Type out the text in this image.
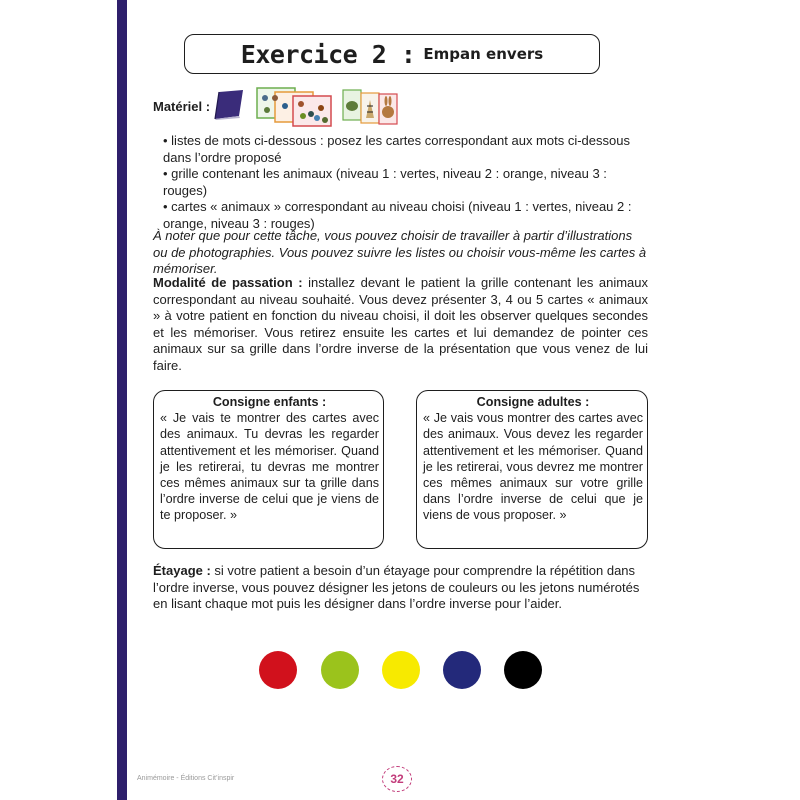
Exercice 2 : Empan envers
Matériel :

• listes de mots ci-dessous : posez les cartes correspondant aux mots ci-dessous dans l’ordre proposé

• grille contenant les animaux (niveau 1 : vertes, niveau 2 : orange, niveau 3 : rouges)

• cartes « animaux » correspondant au niveau choisi (niveau 1 : vertes, niveau 2 : orange, niveau 3 : rouges)

À noter que pour cette tâche, vous pouvez choisir de travailler à partir d’illustrations ou de photographies. Vous pouvez suivre les listes ou choisir vous-même les cartes à mémoriser.

Modalité de passation : installez devant le patient la grille contenant les animaux correspondant au niveau souhaité. Vous devez présenter 3, 4 ou 5 cartes « animaux » à votre patient en fonction du niveau choisi, il doit les observer quelques secondes et les mémoriser. Vous retirez ensuite les cartes et lui demandez de pointer ces animaux sur sa grille dans l’ordre inverse de la présentation que vous venez de lui faire.

Consigne enfants :
« Je vais te montrer des cartes avec des animaux. Tu devras les regarder attentivement et les mémoriser. Quand je les retirerai, tu devras me montrer ces mêmes animaux sur ta grille dans l’ordre inverse de celui que je viens de te proposer. »
Consigne adultes :
« Je vais vous montrer des cartes avec des animaux. Vous devez les regarder attentivement et les mémoriser. Quand je les retirerai, vous devrez me montrer ces mêmes animaux sur votre grille dans l’ordre inverse de celui que je viens de vous proposer. »

Étayage : si votre patient a besoin d’un étayage pour comprendre la répétition dans l’ordre inverse, vous pouvez désigner les jetons de couleurs ou les jetons numérotés en lisant chaque mot puis les désigner dans l’ordre inverse pour l’aider.

Animémoire - Éditions Cit’inspir	32
